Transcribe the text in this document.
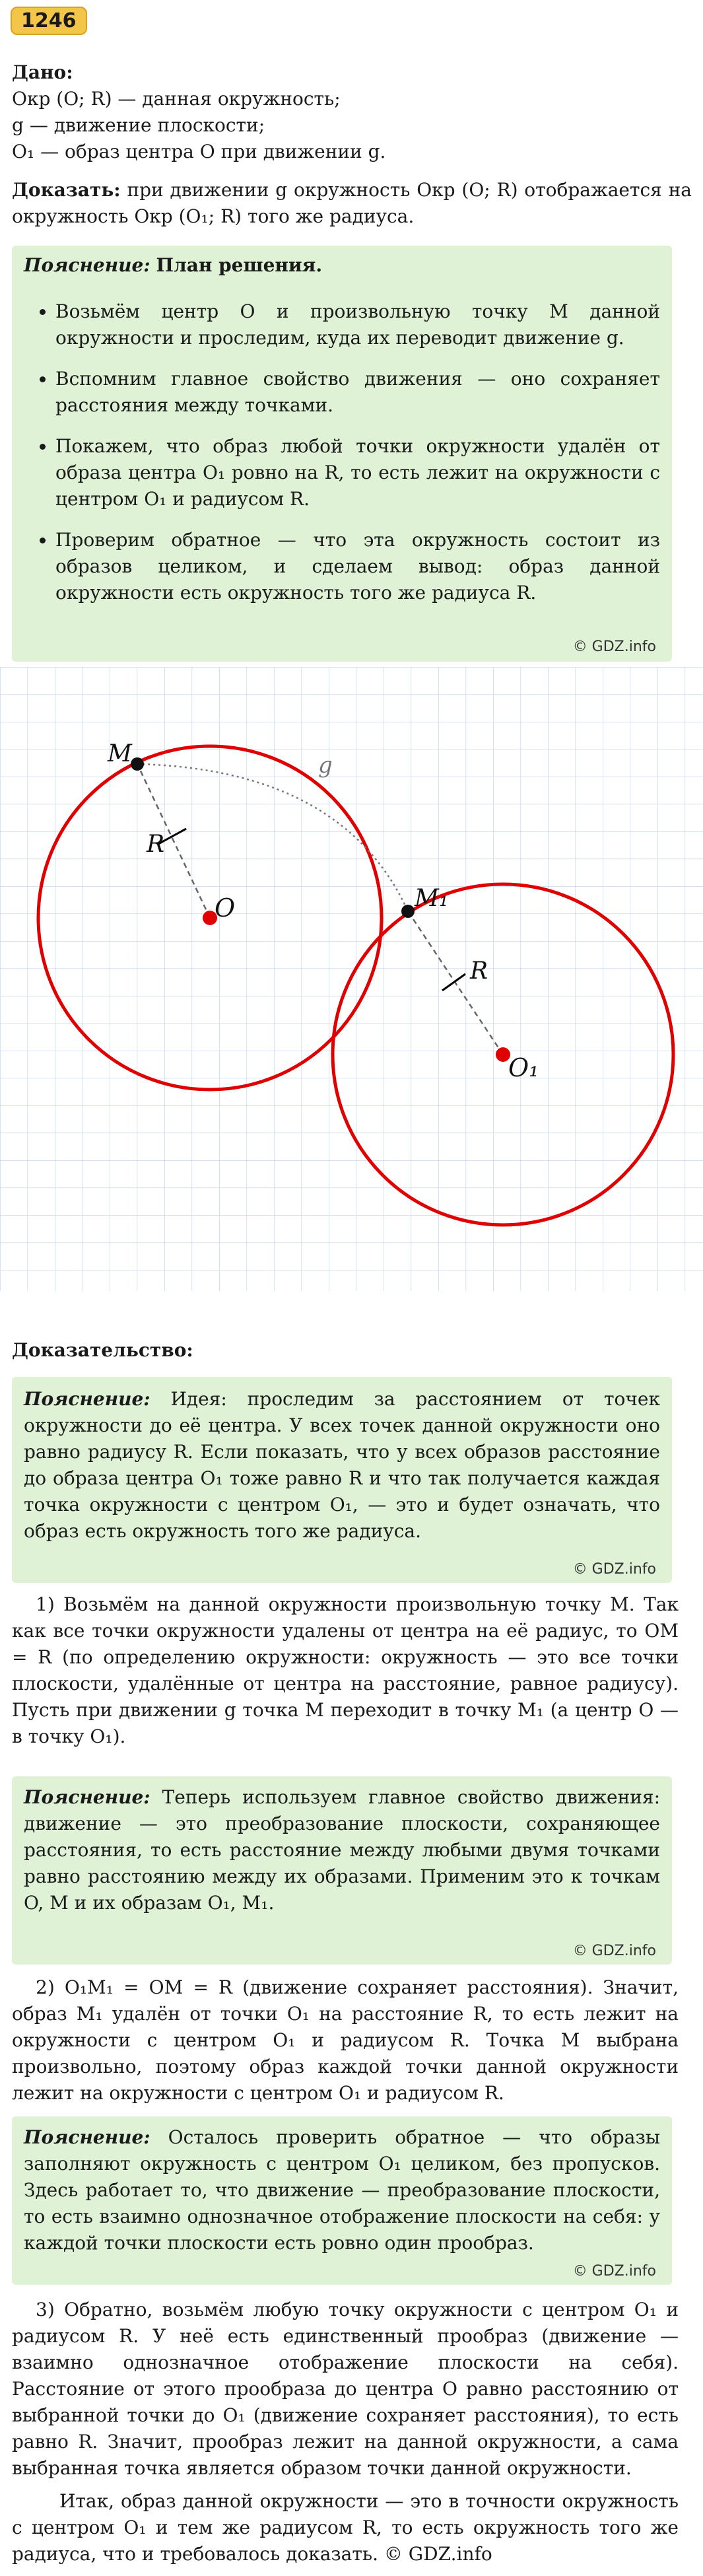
1246
Дано:
Окр (O; R) — данная окружность;
g — движение плоскости;
O₁ — образ центра O при движении g.
Доказать: при движении g окружность Окр (O; R) отображается на окружность Окр (O₁; R) того же радиуса.

Пояснение: План решения.

• Возьмём центр O и произвольную точку M данной окружности и проследим, куда их переводит движение g.
• Вспомним главное свойство движения — оно сохраняет расстояния между точками.
• Покажем, что образ любой точки окружности удалён от образа центра O₁ ровно на R, то есть лежит на окружности с центром O₁ и радиусом R.
• Проверим обратное — что эта окружность состоит из образов целиком, и сделаем вывод: образ данной окружности есть окружность того же радиуса R.
© GDZ.info
M	g
R
O	M₁
R
O₁
Доказательство:

Пояснение: Идея: проследим за расстоянием от точек окружности до её центра. У всех точек данной окружности оно равно радиусу R. Если показать, что у всех образов расстояние до образа центра O₁ тоже равно R и что так получается каждая точка окружности с центром O₁, — это и будет означать, что образ есть окружность того же радиуса.

© GDZ.info
1) Возьмём на данной окружности произвольную точку M. Так как все точки окружности удалены от центра на её радиус, то OM = R (по определению окружности: окружность — это все точки плоскости, удалённые от центра на расстояние, равное радиусу). Пусть при движении g точка M переходит в точку M₁ (а центр O — в точку O₁).

Пояснение: Теперь используем главное свойство движения: движение — это преобразование плоскости, сохраняющее расстояния, то есть расстояние между любыми двумя точками равно расстоянию между их образами. Применим это к точкам O, M и их образам O₁, M₁.

© GDZ.info
2) O₁M₁ = OM = R (движение сохраняет расстояния). Значит, образ M₁ удалён от точки O₁ на расстояние R, то есть лежит на окружности с центром O₁ и радиусом R. Точка M выбрана произвольно, поэтому образ каждой точки данной окружности лежит на окружности с центром O₁ и радиусом R.

Пояснение: Осталось проверить обратное — что образы заполняют окружность с центром O₁ целиком, без пропусков. Здесь работает то, что движение — преобразование плоскости, то есть взаимно однозначное отображение плоскости на себя: у каждой точки плоскости есть ровно один прообраз.

© GDZ.info
3) Обратно, возьмём любую точку окружности с центром O₁ и радиусом R. У неё есть единственный прообраз (движение — взаимно однозначное отображение плоскости на себя). Расстояние от этого прообраза до центра O равно расстоянию от выбранной точки до O₁ (движение сохраняет расстояния), то есть равно R. Значит, прообраз лежит на данной окружности, а сама выбранная точка является образом точки данной окружности.
Итак, образ данной окружности — это в точности окружность с центром O₁ и тем же радиусом R, то есть окружность того же радиуса, что и требовалось доказать. © GDZ.info
